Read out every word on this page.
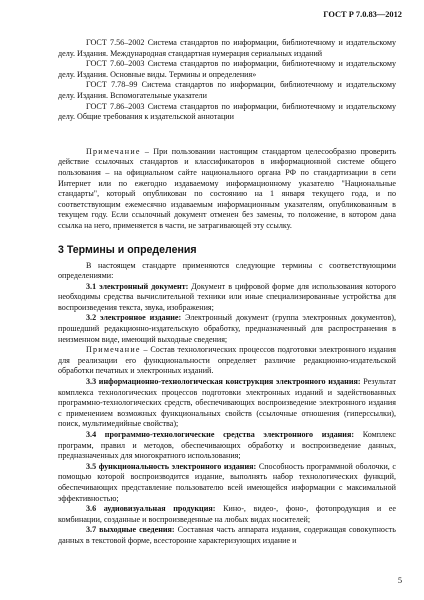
ГОСТ Р 7.0.83—2012

ГОСТ 7.56–2002 Система стандартов по информации, библиотечному и издательскому делу. Издания. Международная стандартная нумерация сериальных изданий

ГОСТ 7.60–2003 Система стандартов по информации, библиотечному и издательскому делу. Издания. Основные виды. Термины и определения»

ГОСТ 7.78–99 Система стандартов по информации, библиотечному и издательскому делу. Издания. Вспомогательные указатели

ГОСТ 7.86–2003 Система стандартов по информации, библиотечному и издательскому делу. Общие требования к издательской аннотации

Примечание – При пользовании настоящим стандартом целесообразно проверить действие ссылочных стандартов и классификаторов в информационной системе общего пользования – на официальном сайте национального органа РФ по стандартизации в сети Интернет или по ежегодно издаваемому информационному указателю "Национальные стандарты", который опубликован по состоянию на 1 января текущего года, и по соответствующим ежемесячно издаваемым информационным указателям, опубликованным в текущем году. Если ссылочный документ отменен без замены, то положение, в котором дана ссылка на него, применяется в части, не затрагивающей эту ссылку.

3 Термины и определения

В настоящем стандарте применяются следующие термины с соответствующими определениями:

3.1 электронный документ: Документ в цифровой форме для использования которого необходимы средства вычислительной техники или иные специализированные устройства для воспроизведения текста, звука, изображения;

3.2 электронное издание: Электронный документ (группа электронных документов), прошедший редакционно-издательскую обработку, предназначенный для распространения в неизменном виде, имеющий выходные сведения;

Примечание – Состав технологических процессов подготовки электронного издания для реализации его функциональности определяет различие редакционно-издательской обработки печатных и электронных изданий.

3.3 информационно-технологическая конструкция электронного издания: Результат комплекса технологических процессов подготовки электронных изданий и задействованных программно-технологических средств, обеспечивающих воспроизведение электронного издания с применением возможных функциональных свойств (ссылочные отношения (гиперссылки), поиск, мультимедийные свойства);

3.4 программно-технологические средства электронного издания: Комплекс программ, правил и методов, обеспечивающих обработку и воспроизведение данных, предназначенных для многократного использования;

3.5 функциональность электронного издания: Способность программной оболочки, с помощью которой воспроизводится издание, выполнять набор технологических функций, обеспечивающих представление пользователю всей имеющейся информации с максимальной эффективностью;

3.6 аудиовизуальная продукция: Кино-, видео-, фоно-, фотопродукция и ее комбинации, созданные и воспроизведенные на любых видах носителей;

3.7 выходные сведения: Составная часть аппарата издания, содержащая совокупность данных в текстовой форме, всесторонне характеризующих издание и

5
